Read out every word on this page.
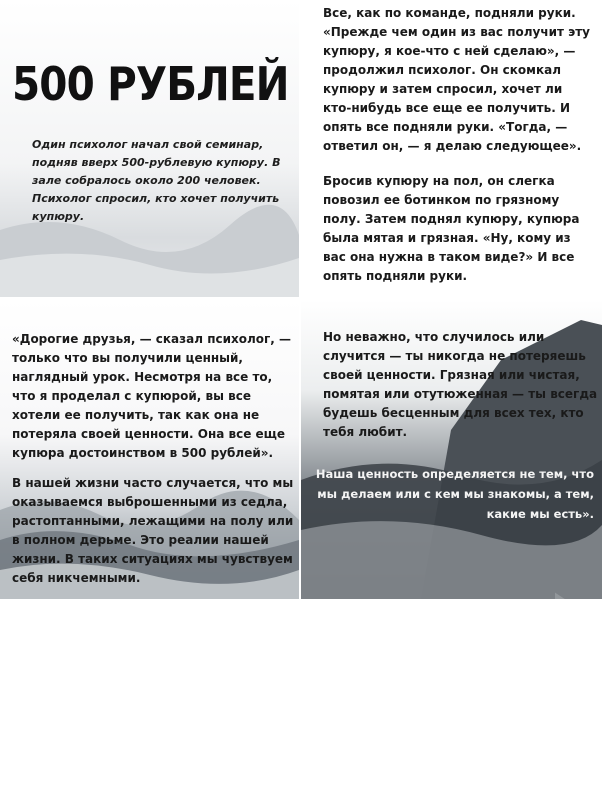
500 РУБЛЕЙ

Один психолог начал свой семинар, подняв вверх 500-рублевую купюру. В зале собралось около 200 человек. Психолог спросил, кто хочет получить купюру.

Все, как по команде, подняли руки. «Прежде чем один из вас получит эту купюру, я кое-что с ней сделаю», — продолжил психолог. Он скомкал купюру и затем спросил, хочет ли кто-нибудь все еще ее получить. И опять все подняли руки. «Тогда, — ответил он, — я делаю следующее».

Бросив купюру на пол, он слегка повозил ее ботинком по грязному полу. Затем поднял купюру, купюра была мятая и грязная. «Ну, кому из вас она нужна в таком виде?» И все опять подняли руки.

«Дорогие друзья, — сказал психолог, — только что вы получили ценный, наглядный урок. Несмотря на все то, что я проделал с купюрой, вы все хотели ее получить, так как она не потеряла своей ценности. Она все еще купюра достоинством в 500 рублей».

В нашей жизни часто случается, что мы оказываемся выброшенными из седла, растоптанными, лежащими на полу или в полном дерьме. Это реалии нашей жизни. В таких ситуациях мы чувствуем себя никчемными.

Но неважно, что случилось или случится — ты никогда не потеряешь своей ценности. Грязная или чистая, помятая или отутюженная — ты всегда будешь бесценным для всех тех, кто тебя любит.

Наша ценность определяется не тем, что мы делаем или с кем мы знакомы, а тем, какие мы есть».

MONEY
